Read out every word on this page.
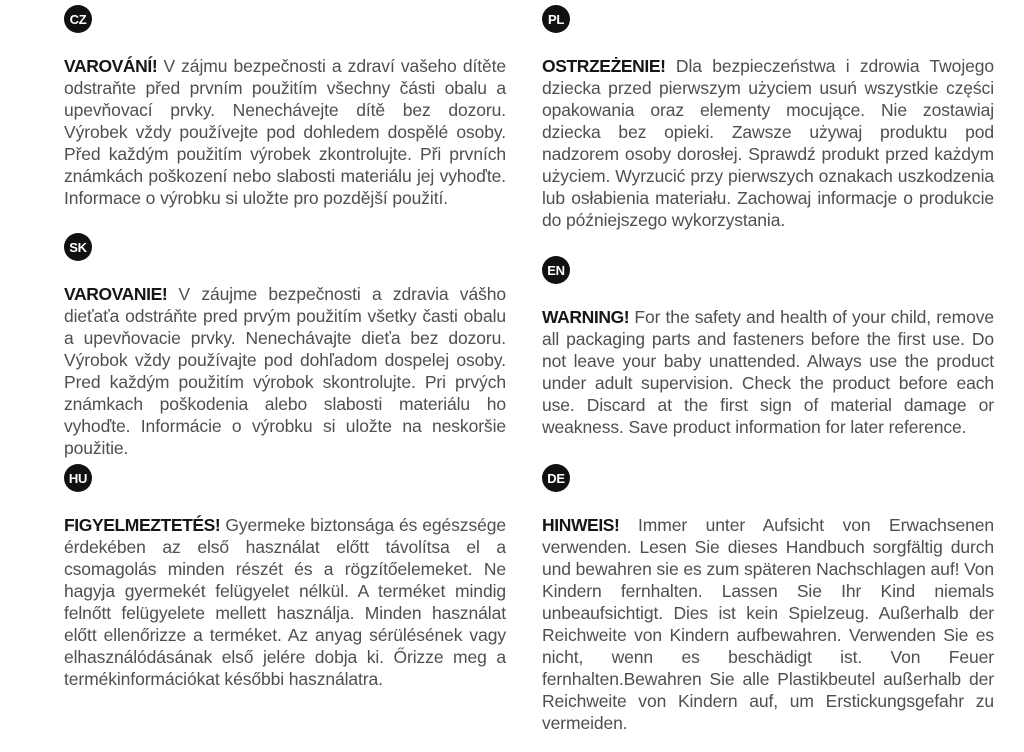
CZ

VAROVÁNÍ! V zájmu bezpečnosti a zdraví vašeho dítěte odstraňte před prvním použitím všechny části obalu a upevňovací prvky. Nenechávejte dítě bez dozoru. Výrobek vždy používejte pod dohledem dospělé osoby. Před každým použitím výrobek zkontrolujte. Při prvních známkách poškození nebo slabosti materiálu jej vyhoďte. Informace o výrobku si uložte pro pozdější použití.

SK

VAROVANIE! V záujme bezpečnosti a zdravia vášho dieťaťa odstráňte pred prvým použitím všetky časti obalu a upevňovacie prvky. Nenechávajte dieťa bez dozoru. Výrobok vždy používajte pod dohľadom dospelej osoby. Pred každým použitím výrobok skontrolujte. Pri prvých známkach poškodenia alebo slabosti materiálu ho vyhoďte. Informácie o výrobku si uložte na neskoršie použitie.

HU

FIGYELMEZTETÉS! Gyermeke biztonsága és egészsége érdekében az első használat előtt távolítsa el a csomagolás minden részét és a rögzítőelemeket. Ne hagyja gyermekét felügyelet nélkül. A terméket mindig felnőtt felügyelete mellett használja. Minden használat előtt ellenőrizze a terméket. Az anyag sérülésének vagy elhasználódásának első jelére dobja ki. Őrizze meg a termékinformációkat későbbi használatra.

PL

OSTRZEŻENIE! Dla bezpieczeństwa i zdrowia Twojego dziecka przed pierwszym użyciem usuń wszystkie części opakowania oraz elementy mocujące. Nie zostawiaj dziecka bez opieki. Zawsze używaj produktu pod nadzorem osoby dorosłej. Sprawdź produkt przed każdym użyciem. Wyrzucić przy pierwszych oznakach uszkodzenia lub osłabienia materiału. Zachowaj informacje o produkcie do późniejszego wykorzystania.

EN

WARNING! For the safety and health of your child, remove all packaging parts and fasteners before the first use. Do not leave your baby unattended. Always use the product under adult supervision. Check the product before each use. Discard at the first sign of material damage or weakness. Save product information for later reference.

DE

HINWEIS! Immer unter Aufsicht von Erwachsenen verwenden. Lesen Sie dieses Handbuch sorgfältig durch und bewahren sie es zum späteren Nachschlagen auf! Von Kindern fernhalten. Lassen Sie Ihr Kind niemals unbeaufsichtigt. Dies ist kein Spielzeug. Außerhalb der Reichweite von Kindern aufbewahren. Verwenden Sie es nicht, wenn es beschädigt ist. Von Feuer fernhalten.Bewahren Sie alle Plastikbeutel außerhalb der Reichweite von Kindern auf, um Erstickungsgefahr zu vermeiden.
